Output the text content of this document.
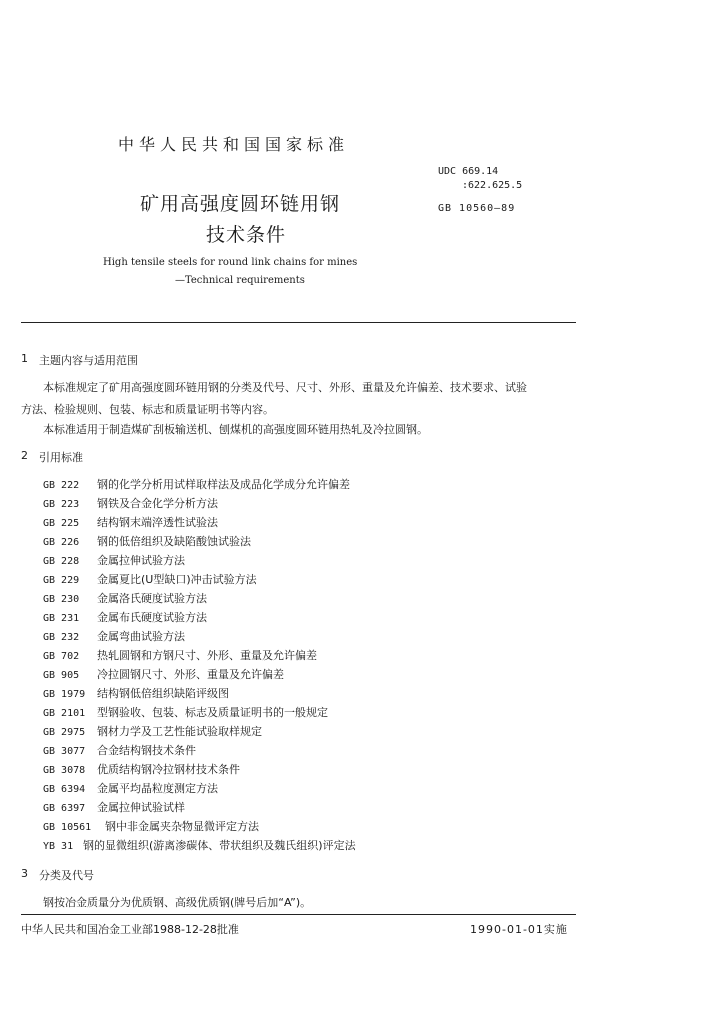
中华人民共和国国家标准
UDC 669.14
:622.625.5
GB 10560—89
矿用高强度圆环链用钢
技术条件
High tensile steels for round link chains for mines
—Technical requirements
1 主题内容与适用范围
本标准规定了矿用高强度圆环链用钢的分类及代号、尺寸、外形、重量及允许偏差、技术要求、试验
方法、检验规则、包装、标志和质量证明书等内容。
本标准适用于制造煤矿刮板输送机、刨煤机的高强度圆环链用热轧及冷拉圆钢。
2 引用标准
GB 222 钢的化学分析用试样取样法及成品化学成分允许偏差
GB 223 钢铁及合金化学分析方法
GB 225 结构钢末端淬透性试验法
GB 226 钢的低倍组织及缺陷酸蚀试验法
GB 228 金属拉伸试验方法
GB 229 金属夏比(U型缺口)冲击试验方法
GB 230 金属洛氏硬度试验方法
GB 231 金属布氏硬度试验方法
GB 232 金属弯曲试验方法
GB 702 热轧圆钢和方钢尺寸、外形、重量及允许偏差
GB 905 冷拉圆钢尺寸、外形、重量及允许偏差
GB 1979 结构钢低倍组织缺陷评级图
GB 2101 型钢验收、包装、标志及质量证明书的一般规定
GB 2975 钢材力学及工艺性能试验取样规定
GB 3077 合金结构钢技术条件
GB 3078 优质结构钢冷拉钢材技术条件
GB 6394 金属平均晶粒度测定方法
GB 6397 金属拉伸试验试样
GB 10561 钢中非金属夹杂物显微评定方法
YB 31 钢的显微组织(游离渗碳体、带状组织及魏氏组织)评定法
3 分类及代号
钢按冶金质量分为优质钢、高级优质钢(牌号后加“A”)。
中华人民共和国冶金工业部1988-12-28批准	1990-01-01实施
